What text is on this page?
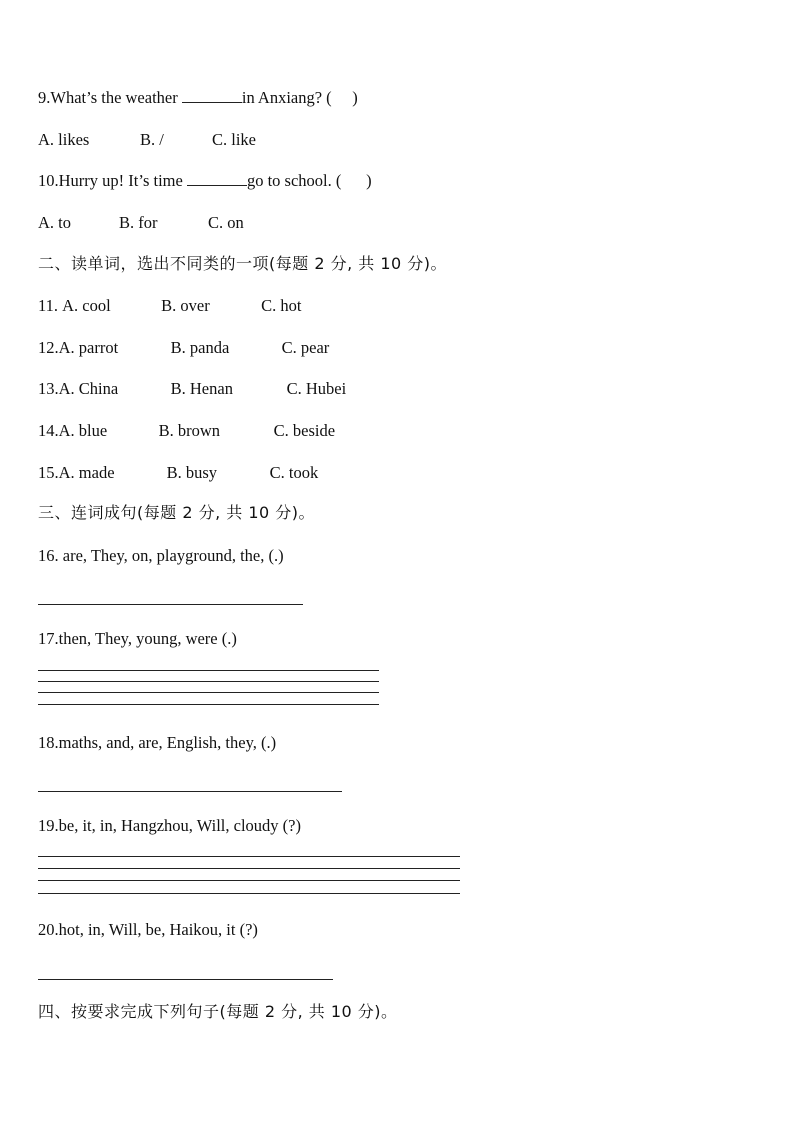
9.What’s the weather	in Anxiang? (     )
A. likes	B. /	C. like
10.Hurry up! It’s time	go to school. (      )
A. to	B. for	C. on
二、读单词，选出不同类的一项(每题 2 分, 共 10 分)。
11. A. cool	B. over	C. hot
12.A. parrot	B. panda	C. pear
13.A. China	B. Henan	C. Hubei
14.A. blue	B. brown	C. beside
15.A. made	B. busy	C. took
三、连词成句(每题 2 分, 共 10 分)。
16. are, They, on, playground, the, (.)
17.then, They, young, were (.)
18.maths, and, are, English, they, (.)
19.be, it, in, Hangzhou, Will, cloudy (?)
20.hot, in, Will, be, Haikou, it (?)
四、按要求完成下列句子(每题 2 分, 共 10 分)。
